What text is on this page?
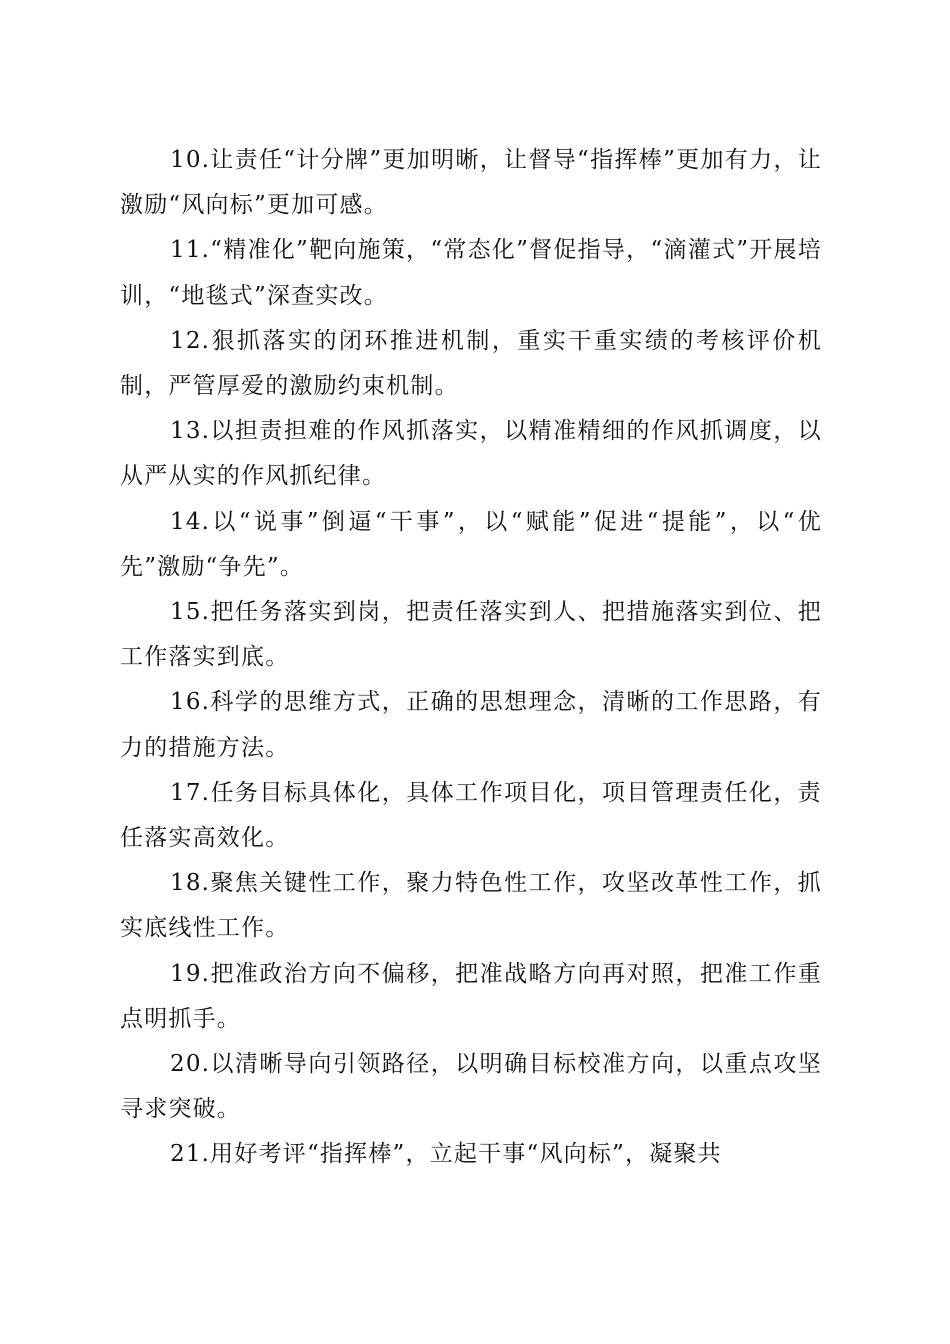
10.让责任“计分牌”更加明晰，让督导“指挥棒”更加有力，让激励“风向标”更加可感。

11.“精准化”靶向施策，“常态化”督促指导，“滴灌式”开展培训，“地毯式”深查实改。

12.狠抓落实的闭环推进机制，重实干重实绩的考核评价机制，严管厚爱的激励约束机制。

13.以担责担难的作风抓落实，以精准精细的作风抓调度，以从严从实的作风抓纪律。

14.以“说事”倒逼“干事”，以“赋能”促进“提能”，以“优先”激励“争先”。

15.把任务落实到岗，把责任落实到人、把措施落实到位、把工作落实到底。

16.科学的思维方式，正确的思想理念，清晰的工作思路，有力的措施方法。

17.任务目标具体化，具体工作项目化，项目管理责任化，责任落实高效化。

18.聚焦关键性工作，聚力特色性工作，攻坚改革性工作，抓实底线性工作。

19.把准政治方向不偏移，把准战略方向再对照，把准工作重点明抓手。

20.以清晰导向引领路径，以明确目标校准方向，以重点攻坚寻求突破。

21.用好考评“指挥棒”，立起干事“风向标”，凝聚共
